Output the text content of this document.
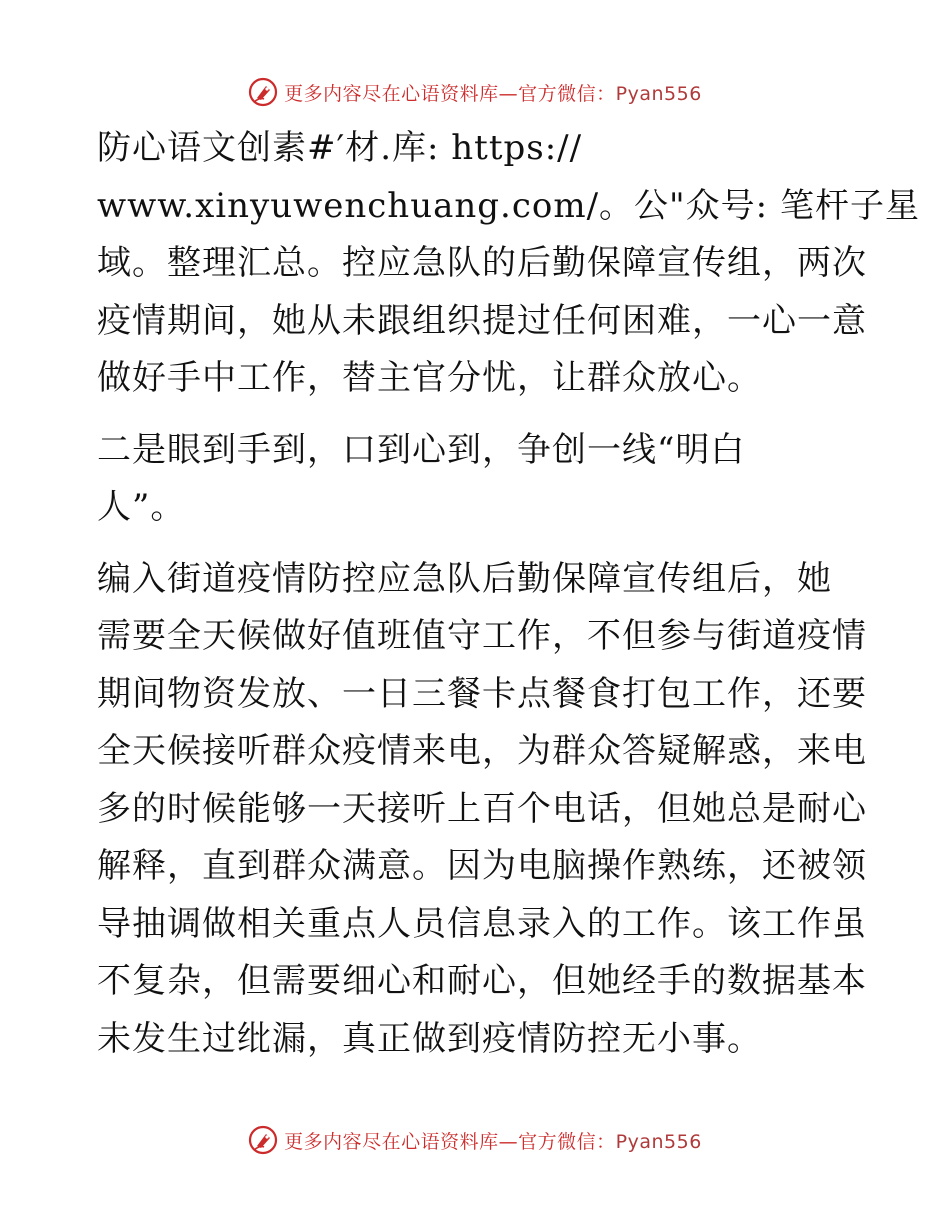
更多内容尽在心语资料库—官方微信：Pyan556
防心语文创素#′材.库: https://
www.xinyuwenchuang.com/。公"众号: 笔杆子星
域。整理汇总。控应急队的后勤保障宣传组，两次
疫情期间，她从未跟组织提过任何困难，一心一意
做好手中工作，替主官分忧，让群众放心。
二是眼到手到，口到心到，争创一线“明白
人”。
编入街道疫情防控应急队后勤保障宣传组后，她
需要全天候做好值班值守工作，不但参与街道疫情
期间物资发放、一日三餐卡点餐食打包工作，还要
全天候接听群众疫情来电，为群众答疑解惑，来电
多的时候能够一天接听上百个电话，但她总是耐心
解释，直到群众满意。因为电脑操作熟练，还被领
导抽调做相关重点人员信息录入的工作。该工作虽
不复杂，但需要细心和耐心，但她经手的数据基本
未发生过纰漏，真正做到疫情防控无小事。
更多内容尽在心语资料库—官方微信：Pyan556
